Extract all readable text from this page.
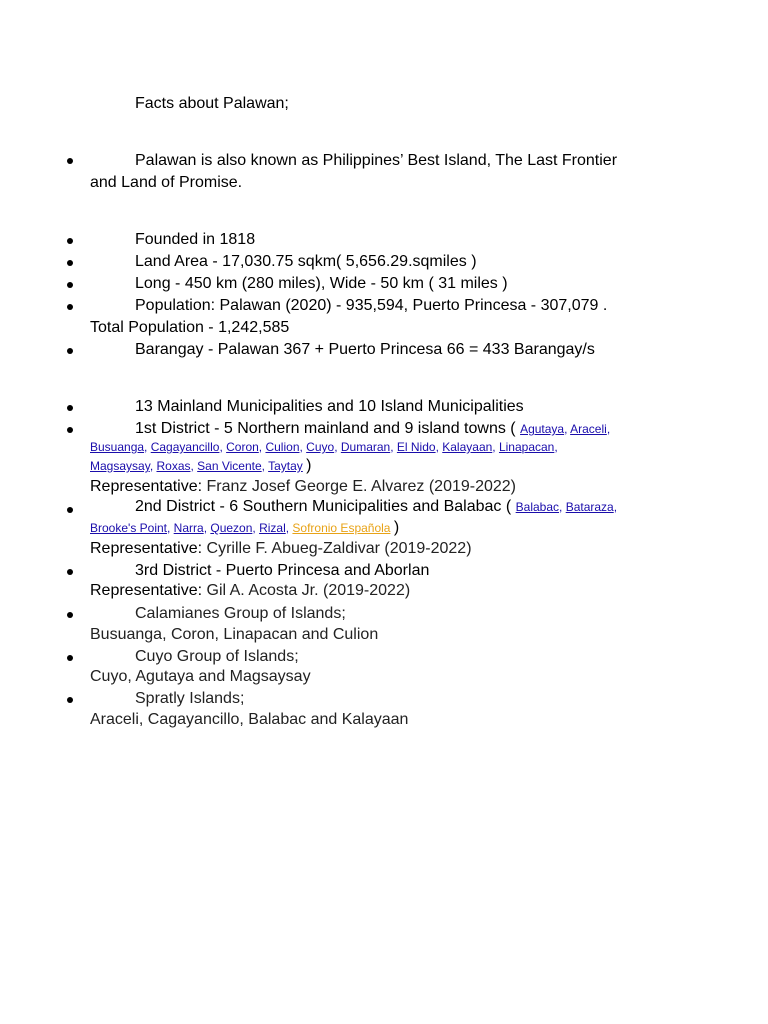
Facts about Palawan;
Palawan is also known as Philippines’ Best Island, The Last Frontier
and Land of Promise.
Founded in 1818
Land Area - 17,030.75 sqkm( 5,656.29.sqmiles )
Long - 450 km (280 miles), Wide - 50 km ( 31 miles )
Population: Palawan (2020) - 935,594, Puerto Princesa - 307,079 .
Total Population - 1,242,585
Barangay - Palawan 367 + Puerto Princesa 66 = 433 Barangay/s
13 Mainland Municipalities and 10 Island Municipalities
1st District - 5 Northern mainland and 9 island towns ( Agutaya, Araceli,
Busuanga, Cagayancillo, Coron, Culion, Cuyo, Dumaran, El Nido, Kalayaan, Linapacan,
Magsaysay, Roxas, San Vicente, Taytay )
Representative: Franz Josef George E. Alvarez (2019-2022)
2nd District - 6 Southern Municipalities and Balabac ( Balabac, Bataraza,
Brooke's Point, Narra, Quezon, Rizal, Sofronio Española )
Representative: Cyrille F. Abueg-Zaldivar (2019-2022)
3rd District - Puerto Princesa and Aborlan
Representative: Gil A. Acosta Jr. (2019-2022)
Calamianes Group of Islands;
Busuanga, Coron, Linapacan and Culion
Cuyo Group of Islands;
Cuyo, Agutaya and Magsaysay
Spratly Islands;
Araceli, Cagayancillo, Balabac and Kalayaan
